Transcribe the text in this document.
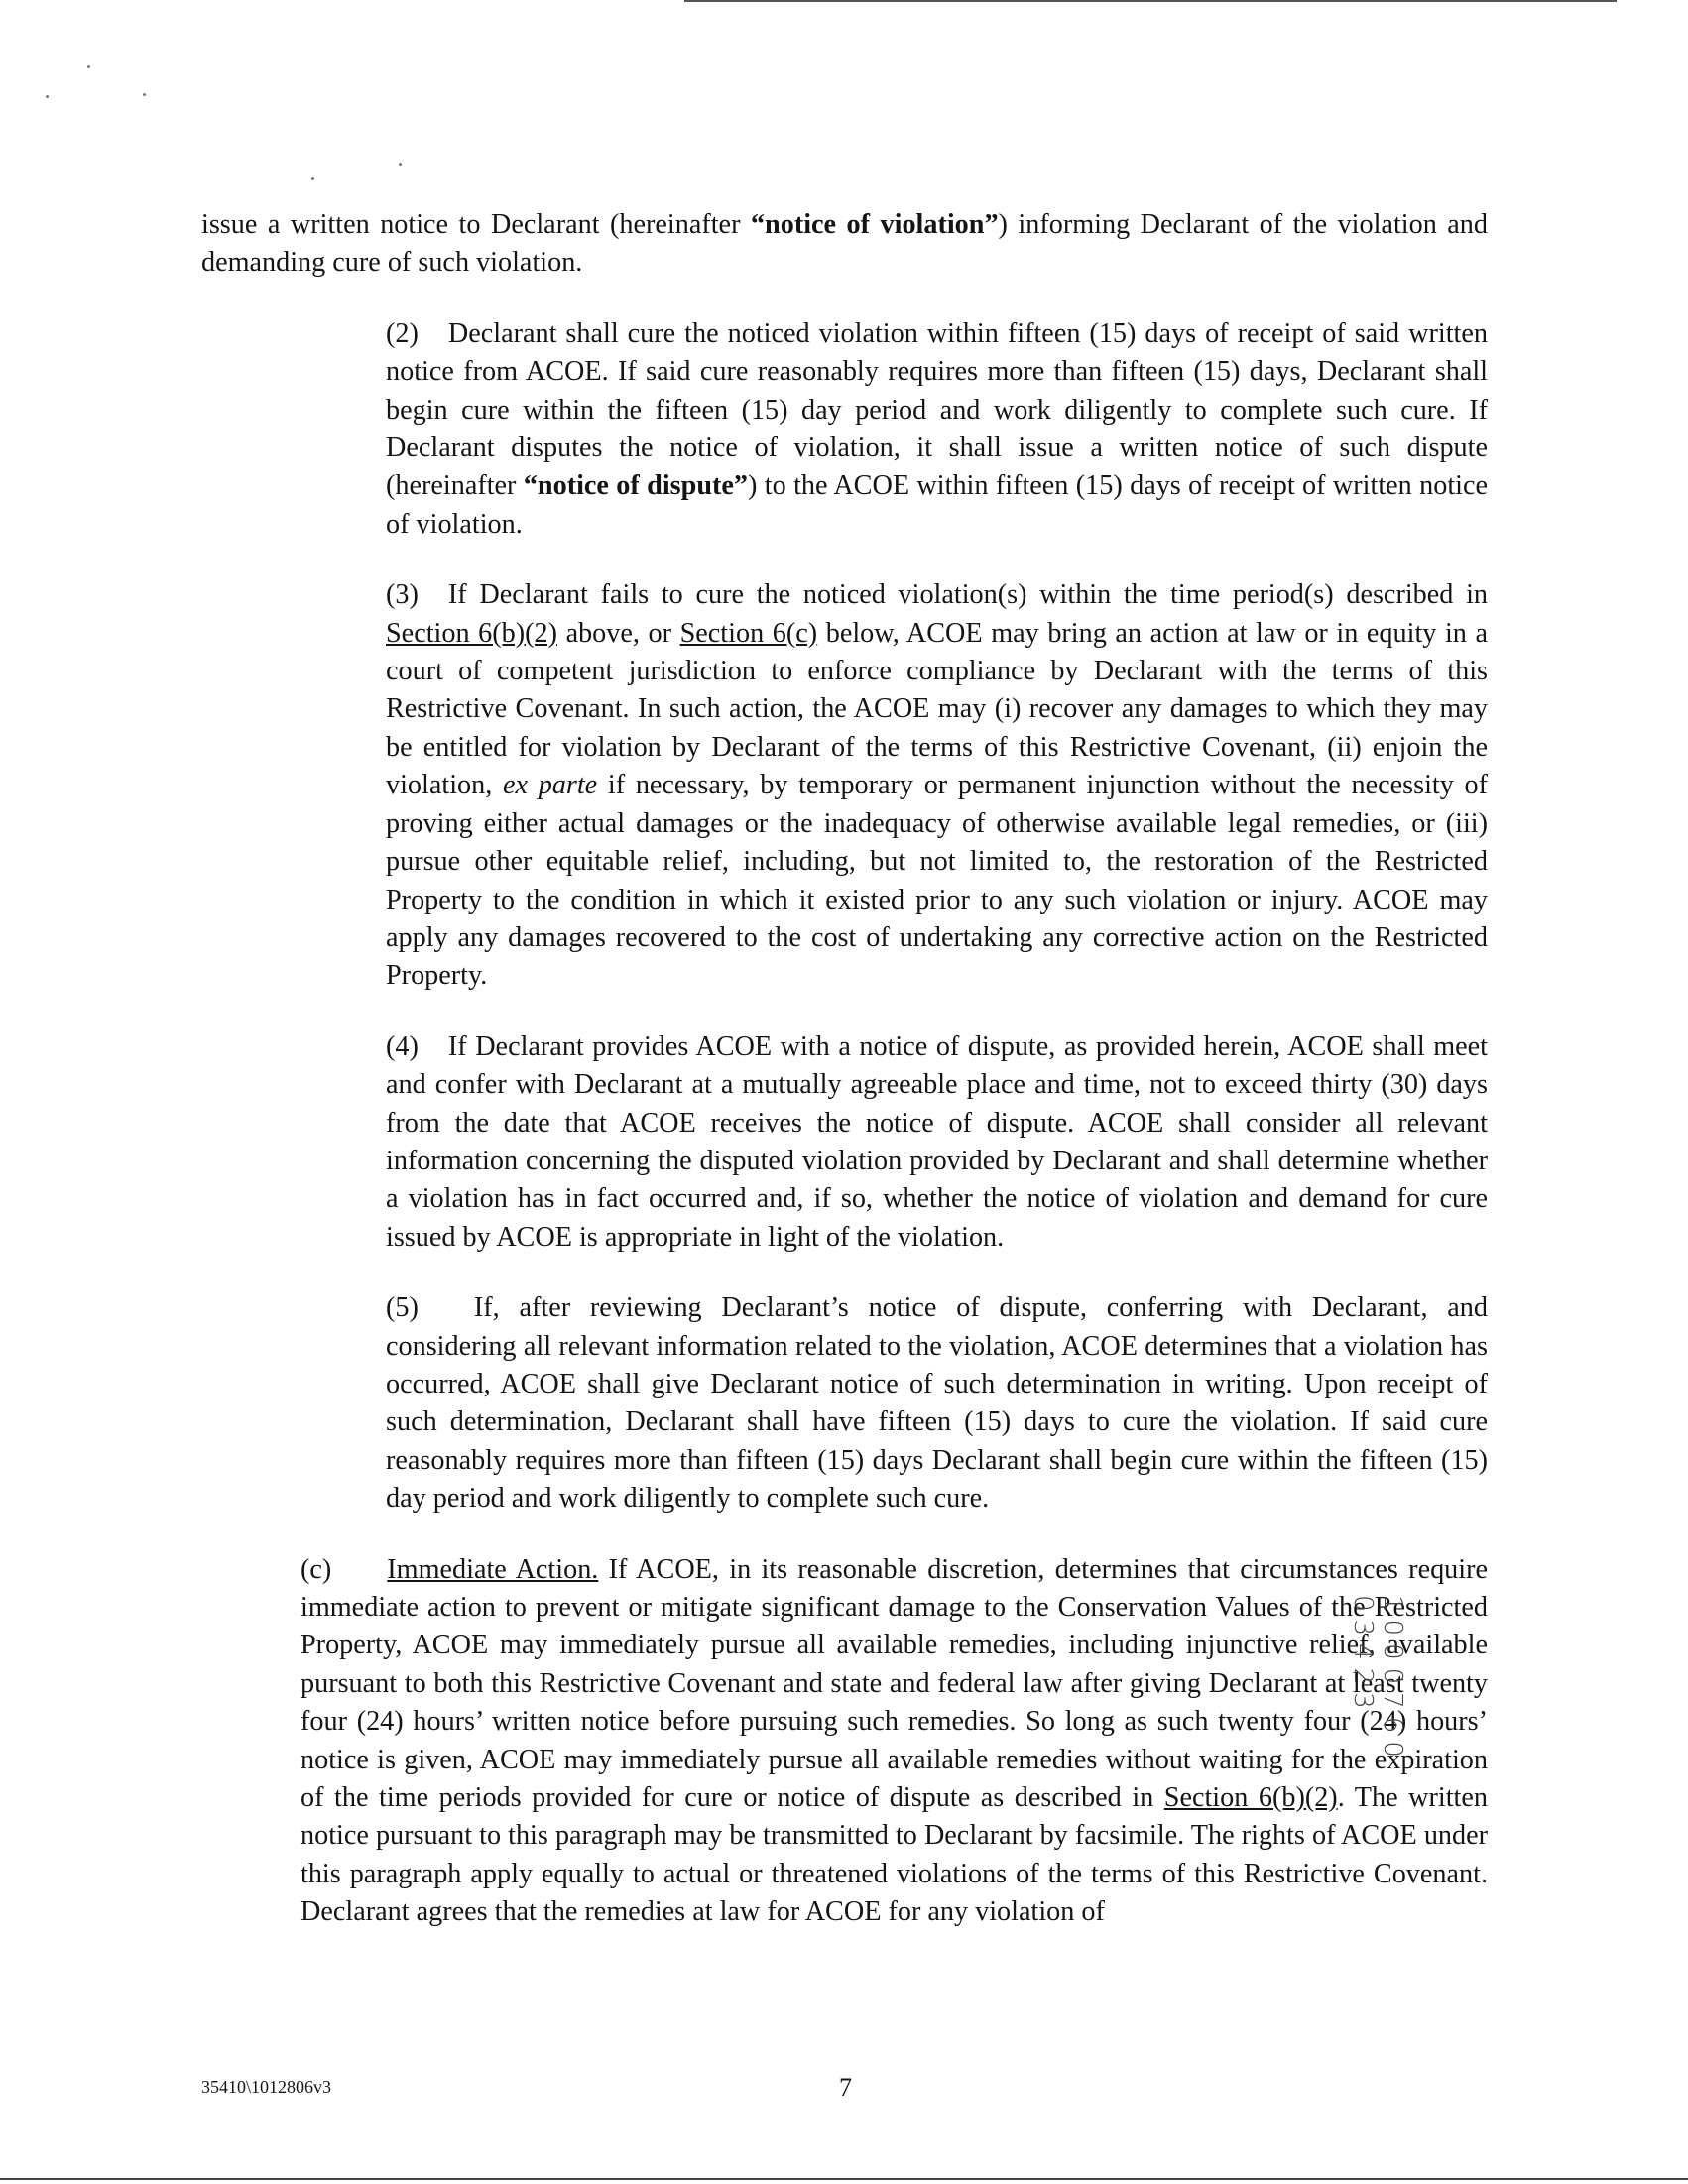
issue a written notice to Declarant (hereinafter “notice of violation”) informing Declarant of the violation and demanding cure of such violation.

(2) Declarant shall cure the noticed violation within fifteen (15) days of receipt of said written notice from ACOE. If said cure reasonably requires more than fifteen (15) days, Declarant shall begin cure within the fifteen (15) day period and work diligently to complete such cure. If Declarant disputes the notice of violation, it shall issue a written notice of such dispute (hereinafter “notice of dispute”) to the ACOE within fifteen (15) days of receipt of written notice of violation.

(3) If Declarant fails to cure the noticed violation(s) within the time period(s) described in Section 6(b)(2) above, or Section 6(c) below, ACOE may bring an action at law or in equity in a court of competent jurisdiction to enforce compliance by Declarant with the terms of this Restrictive Covenant. In such action, the ACOE may (i) recover any damages to which they may be entitled for violation by Declarant of the terms of this Restrictive Covenant, (ii) enjoin the violation, ex parte if necessary, by temporary or permanent injunction without the necessity of proving either actual damages or the inadequacy of otherwise available legal remedies, or (iii) pursue other equitable relief, including, but not limited to, the restoration of the Restricted Property to the condition in which it existed prior to any such violation or injury. ACOE may apply any damages recovered to the cost of undertaking any corrective action on the Restricted Property.

(4) If Declarant provides ACOE with a notice of dispute, as provided herein, ACOE shall meet and confer with Declarant at a mutually agreeable place and time, not to exceed thirty (30) days from the date that ACOE receives the notice of dispute. ACOE shall consider all relevant information concerning the disputed violation provided by Declarant and shall determine whether a violation has in fact occurred and, if so, whether the notice of violation and demand for cure issued by ACOE is appropriate in light of the violation.

(5) If, after reviewing Declarant’s notice of dispute, conferring with Declarant, and considering all relevant information related to the violation, ACOE determines that a violation has occurred, ACOE shall give Declarant notice of such determination in writing. Upon receipt of such determination, Declarant shall have fifteen (15) days to cure the violation. If said cure reasonably requires more than fifteen (15) days Declarant shall begin cure within the fifteen (15) day period and work diligently to complete such cure.

(c) Immediate Action. If ACOE, in its reasonable discretion, determines that circumstances require immediate action to prevent or mitigate significant damage to the Conservation Values of the Restricted Property, ACOE may immediately pursue all available remedies, including injunctive relief, available pursuant to both this Restrictive Covenant and state and federal law after giving Declarant at least twenty four (24) hours’ written notice before pursuing such remedies. So long as such twenty four (24) hours’ notice is given, ACOE may immediately pursue all available remedies without waiting for the expiration of the time periods provided for cure or notice of dispute as described in Section 6(b)(2). The written notice pursuant to this paragraph may be transmitted to Declarant by facsimile. The rights of ACOE under this paragraph apply equally to actual or threatened violations of the terms of this Restrictive Covenant. Declarant agrees that the remedies at law for ACOE for any violation of

1000760 03423
35410\1012806v3	7
